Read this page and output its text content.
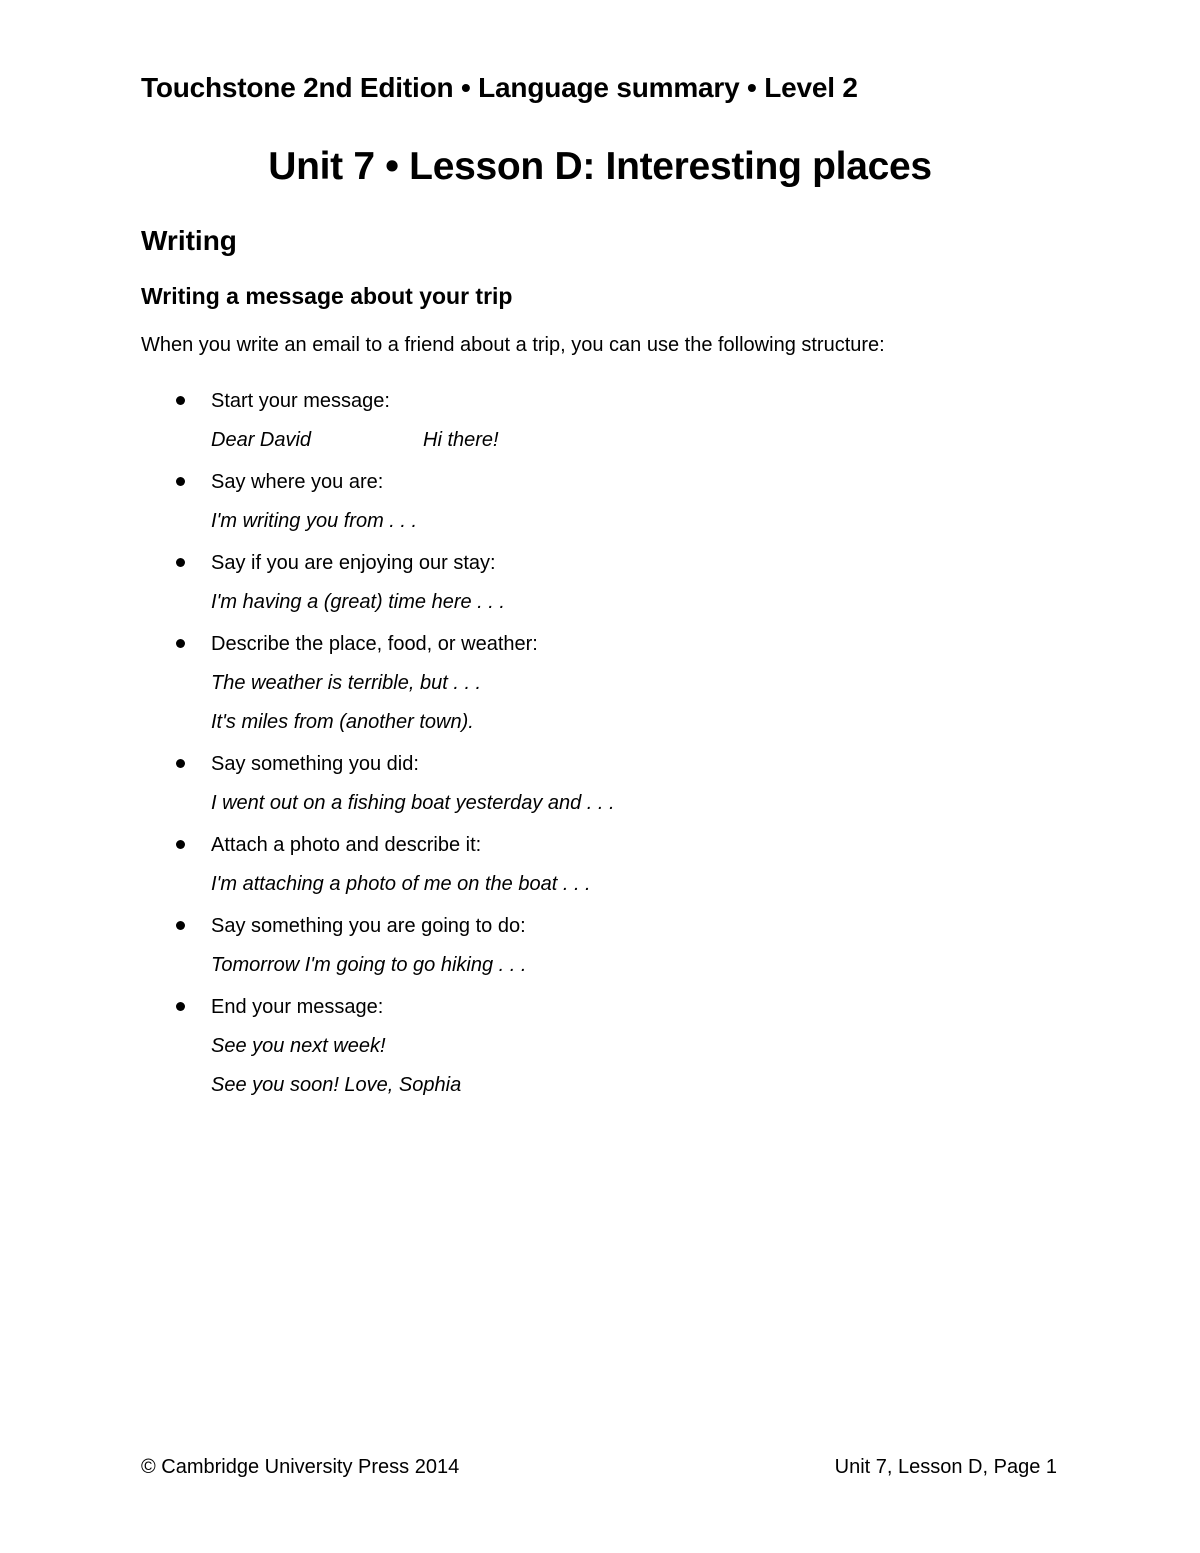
Touchstone 2nd Edition • Language summary • Level 2
Unit 7 • Lesson D: Interesting places
Writing
Writing a message about your trip

When you write an email to a friend about a trip, you can use the following structure:

Start your message:
Dear David	Hi there!
Say where you are:
I'm writing you from . . .
Say if you are enjoying our stay:
I'm having a (great) time here . . .
Describe the place, food, or weather:
The weather is terrible, but . . .
It's miles from (another town).
Say something you did:
I went out on a fishing boat yesterday and . . .
Attach a photo and describe it:
I'm attaching a photo of me on the boat . . .
Say something you are going to do:
Tomorrow I'm going to go hiking . . .
End your message:
See you next week!
See you soon! Love, Sophia
© Cambridge University Press 2014	Unit 7, Lesson D, Page 1
